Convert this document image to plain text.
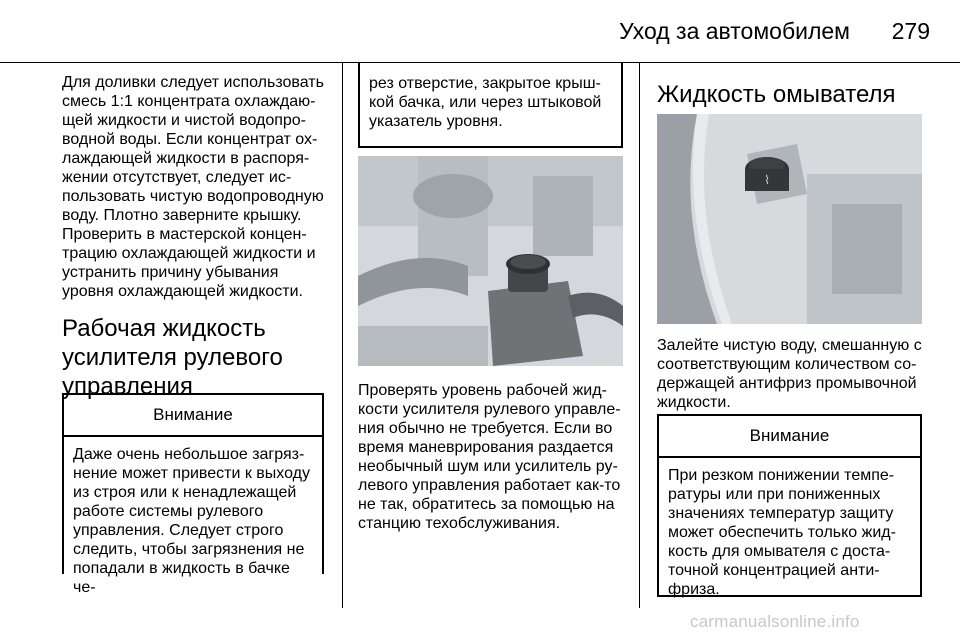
Уход за автомобилем	279
Для доливки следует использовать
смесь 1:1 концентрата охлаждаю-
щей жидкости и чистой водопро-
водной воды. Если концентрат ох-
лаждающей жидкости в распоря-
жении отсутствует, следует ис-
пользовать чистую водопроводную
воду. Плотно заверните крышку.
Проверить в мастерской концен-
трацию охлаждающей жидкости и
устранить причину убывания
уровня охлаждающей жидкости.
Рабочая жидкость
усилителя рулевого
управления
Внимание
Даже очень небольшое загряз-
нение может привести к выходу
из строя или к ненадлежащей
работе системы рулевого
управления. Следует строго
следить, чтобы загрязнения не
попадали в жидкость в бачке че-
рез отверстие, закрытое крыш-
кой бачка, или через штыковой
указатель уровня.
Проверять уровень рабочей жид-
кости усилителя рулевого управле-
ния обычно не требуется. Если во
время маневрирования раздается
необычный шум или усилитель ру-
левого управления работает как-то
не так, обратитесь за помощью на
станцию техобслуживания.
Жидкость омывателя
⌇
Залейте чистую воду, смешанную с
соответствующим количеством со-
держащей антифриз промывочной
жидкости.
Внимание
При резком понижении темпе-
ратуры или при пониженных
значениях температур защиту
может обеспечить только жид-
кость для омывателя с доста-
точной концентрацией анти-
фриза.
carmanualsonline.info
